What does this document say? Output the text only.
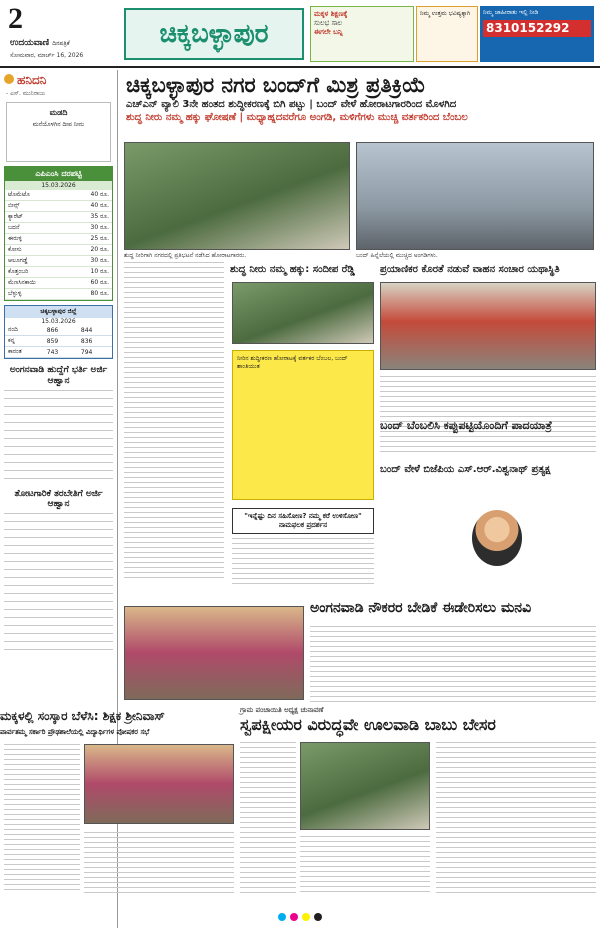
2
ಉದಯವಾಣಿ ದಿನಪತ್ರಿಕೆ
ಸೋಮವಾರ, ಮಾರ್ಚ್ 16, 2026
ಚಿಕ್ಕಬಳ್ಳಾಪುರ
ಮಕ್ಕಳ ಶಿಕ್ಷಣಕ್ಕೆ
ಸುಲಭ ಸಾಲ
ಈಗಲೇ ಬನ್ನಿ
ನಿಮ್ಮ ಉತ್ತಮ ಭವಿಷ್ಯಕ್ಕಾಗಿ	ನಿಮ್ಮ ಜಾಹೀರಾತು ಇಲ್ಲಿ ನೀಡಿ
8310152292
ಹನಿದನಿ
- ಎಸ್. ಮುನಿರಾಜು
ಮಡದಿ
ಮನೆಯೊಳಗಿನ ದೀಪ ನೀನು
ಎಪಿಎಂಸಿ ದರಪಟ್ಟಿ
15.03.2026
ಟೊಮೆಟೊ	40 ರೂ.
ಬೀನ್ಸ್	40 ರೂ.
ಕ್ಯಾರೆಟ್	35 ರೂ.
ಬದನೆ	30 ರೂ.
ಈರುಳ್ಳಿ	25 ರೂ.
ಕೋಸು	20 ರೂ.
ಆಲೂಗಡ್ಡೆ	30 ರೂ.
ಕೊತ್ತಂಬರಿ	10 ರೂ.
ಮೆಣಸಿನಕಾಯಿ	60 ರೂ.
ಬೆಳ್ಳುಳ್ಳಿ	80 ರೂ.
ಚಿಕ್ಕಬಳ್ಳಾಪುರ ಜಿಲ್ಲೆ
15.03.2026
ನಂದಿ	866	844
ಕನ್ನ	859	836
ಕಾರಂತ	743	794
ಅಂಗನವಾಡಿ ಹುದ್ದೆಗೆ ಭರ್ತಿ ಅರ್ಜಿ ಆಹ್ವಾನ
ತೋಟಗಾರಿಕೆ ತರಬೇತಿಗೆ ಅರ್ಜಿ ಆಹ್ವಾನ
ಚಿಕ್ಕಬಳ್ಳಾಪುರ ನಗರ ಬಂದ್‌ಗೆ ಮಿಶ್ರ ಪ್ರತಿಕ್ರಿಯೆ
ಎಚ್‌ಎನ್ ವ್ಯಾಲಿ 3ನೇ ಹಂತದ ಶುದ್ಧೀಕರಣಕ್ಕೆ ಬಿಗಿ ಪಟ್ಟು | ಬಂದ್ ವೇಳೆ ಹೋರಾಟಗಾರರಿಂದ ಮೊಳಗಿದ
ಶುದ್ಧ ನೀರು ನಮ್ಮ ಹಕ್ಕು ಘೋಷಣೆ | ಮಧ್ಯಾಹ್ನದವರೆಗೂ ಅಂಗಡಿ, ಮಳಿಗೆಗಳು ಮುಚ್ಚಿ ವರ್ತಕರಿಂದ ಬೆಂಬಲ
ಶುದ್ಧ ನೀರಿಗಾಗಿ ನಗರದಲ್ಲಿ ಪ್ರತಿಭಟನೆ ನಡೆಸಿದ ಹೋರಾಟಗಾರರು.	ಬಂದ್ ಹಿನ್ನೆಲೆಯಲ್ಲಿ ಮುಚ್ಚಿದ ಅಂಗಡಿಗಳು.
ಶುದ್ಧ ನೀರು ನಮ್ಮ ಹಕ್ಕು: ಸಂದೀಪ ರೆಡ್ಡಿ	ಪ್ರಯಾಣಿಕರ ಕೊರತೆ ನಡುವೆ ವಾಹನ ಸಂಚಾರ ಯಥಾಸ್ಥಿತಿ
ನೀರಿನ ಶುದ್ಧೀಕರಣ ಹೋರಾಟಕ್ಕೆ ವರ್ತಕರ ಬೆಂಬಲ, ಬಂದ್ ಶಾಂತಿಯುತ
ಬಂದ್ ಬೆಂಬಲಿಸಿ ಕಪ್ಪುಪಟ್ಟಿಯೊಂದಿಗೆ ಪಾದಯಾತ್ರೆ
"ಇನ್ನೆಷ್ಟು ದಿನ ಸಹಿಸೋಣ? ನಮ್ಮ ಕರೆ ಉಳಿಸೋಣ" ನಾಮಫಲಕ ಪ್ರದರ್ಶನ
ಬಂದ್ ವೇಳೆ ಬಿಜೆಪಿಯ ಎಸ್.ಆರ್.ವಿಶ್ವನಾಥ್ ಪ್ರತ್ಯಕ್ಷ
ಅಂಗನವಾಡಿ ನೌಕರರ ಬೇಡಿಕೆ ಈಡೇರಿಸಲು ಮನವಿ
ಮಕ್ಕಳಲ್ಲಿ ಸಂಸ್ಕಾರ ಬೆಳೆಸಿ: ಶಿಕ್ಷಕ ಶ್ರೀನಿವಾಸ್
ಪಾರ್ವತಮ್ಮ ಸರ್ಕಾರಿ ಪ್ರೌಢಶಾಲೆಯಲ್ಲಿ ವಿದ್ಯಾರ್ಥಿಗಳ ಪೋಷಕರ ಸಭೆ
ಗ್ರಾಮ ಪಂಚಾಯಿತಿ ಅಧ್ಯಕ್ಷ ಚುನಾವಣೆ
ಸ್ವಪಕ್ಷೀಯರ ವಿರುದ್ಧವೇ ಊಲವಾಡಿ ಬಾಬು ಬೇಸರ
